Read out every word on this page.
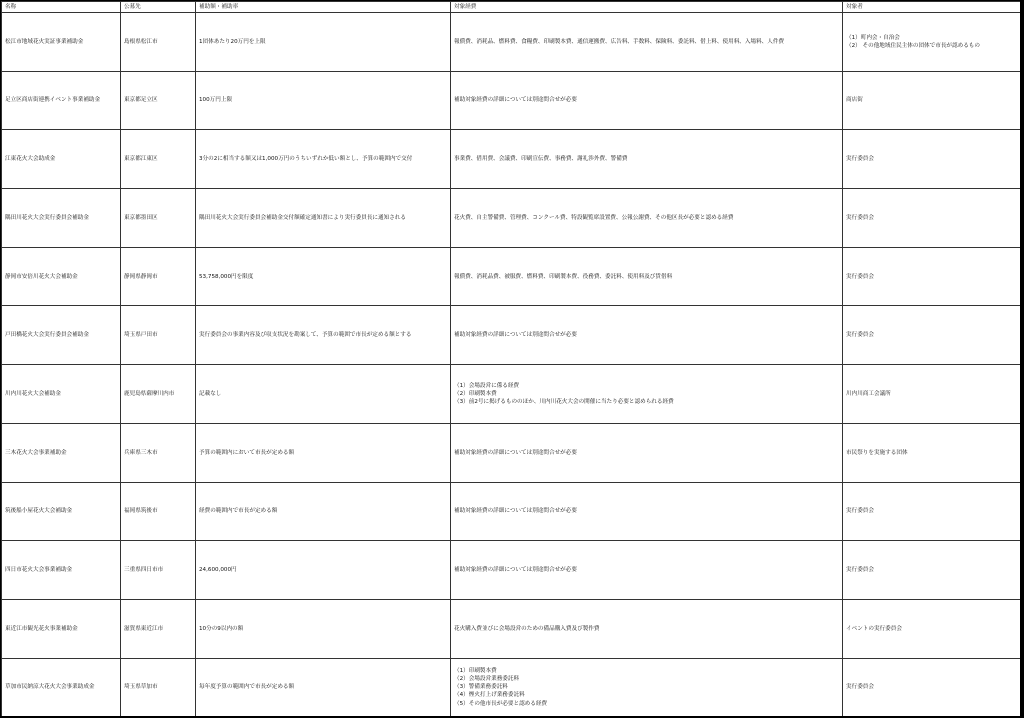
名称	公募先	補助額・補助率	対象経費	対象者
松江市地域花火実証事業補助金	島根県松江市	1団体あたり20万円を上限	報償費、消耗品、燃料費、食糧費、印刷製本費、通信運搬費、広告料、手数料、保険料、委託料、借上料、使用料、入場料、人件費	（1）町内会・自治会
（2） その他地域住民主体の団体で市長が認めるもの

足立区商店街連携イベント事業補助金	東京都足立区	100万円上限	補助対象経費の詳細については別途問合せが必要	商店街

江東花火大会助成金	東京都江東区	3分の2に相当する額又は1,000万円のうちいずれか低い額とし、予算の範囲内で交付	事業費、借用費、会議費、印刷宣伝費、事務費、謝礼渉外費、警備費	実行委員会

隅田川花火大会実行委員会補助金	東京都墨田区	隅田川花火大会実行委員会補助金交付額確定通知書により実行委員長に通知される	花火費、自主警備費、管理費、コンクール費、特設観覧席設置費、公報公謝費、その他区長が必要と認める経費	実行委員会

静岡市安倍川花火大会補助金	静岡県静岡市	53,758,000円を限度	報償費、消耗品費、被服費、燃料費、印刷製本費、役務費、委託料、使用料及び賃借料	実行委員会

戸田橋花火大会実行委員会補助金	埼玉県戸田市	実行委員会の事業内容及び収支状況を勘案して、予算の範囲で市長が定める額とする	補助対象経費の詳細については別途問合せが必要	実行委員会

川内川花火大会補助金	鹿児島県薩摩川内市	記載なし	（1）会場設営に係る経費
（2）印刷製本費
（3）前2号に掲げるもののほか、川内川花火大会の開催に当たり必要と認められる経費	川内川商工会議所

三木花火大会事業補助金	兵庫県三木市	予算の範囲内において市長が定める額	補助対象経費の詳細については別途問合せが必要	市民祭りを実施する団体

筑後船小屋花火大会補助金	福岡県筑後市	経費の範囲内で市長が定める額	補助対象経費の詳細については別途問合せが必要	実行委員会

四日市花火大会事業補助金	三重県四日市市	24,600,000円	補助対象経費の詳細については別途問合せが必要	実行委員会

東近江市観光花火事業補助金	滋賀県東近江市	10分の9以内の額	花火購入費並びに会場設営のための備品購入費及び製作費	イベントの実行委員会

草加市民納涼大花火大会事業助成金	埼玉県草加市	毎年度予算の範囲内で市長が定める額	（1）印刷製本費
（2）会場設営業務委託料
（3）警備業務委託料
（4）煙火打上げ業務委託料
（5）その他市長が必要と認める経費	実行委員会
